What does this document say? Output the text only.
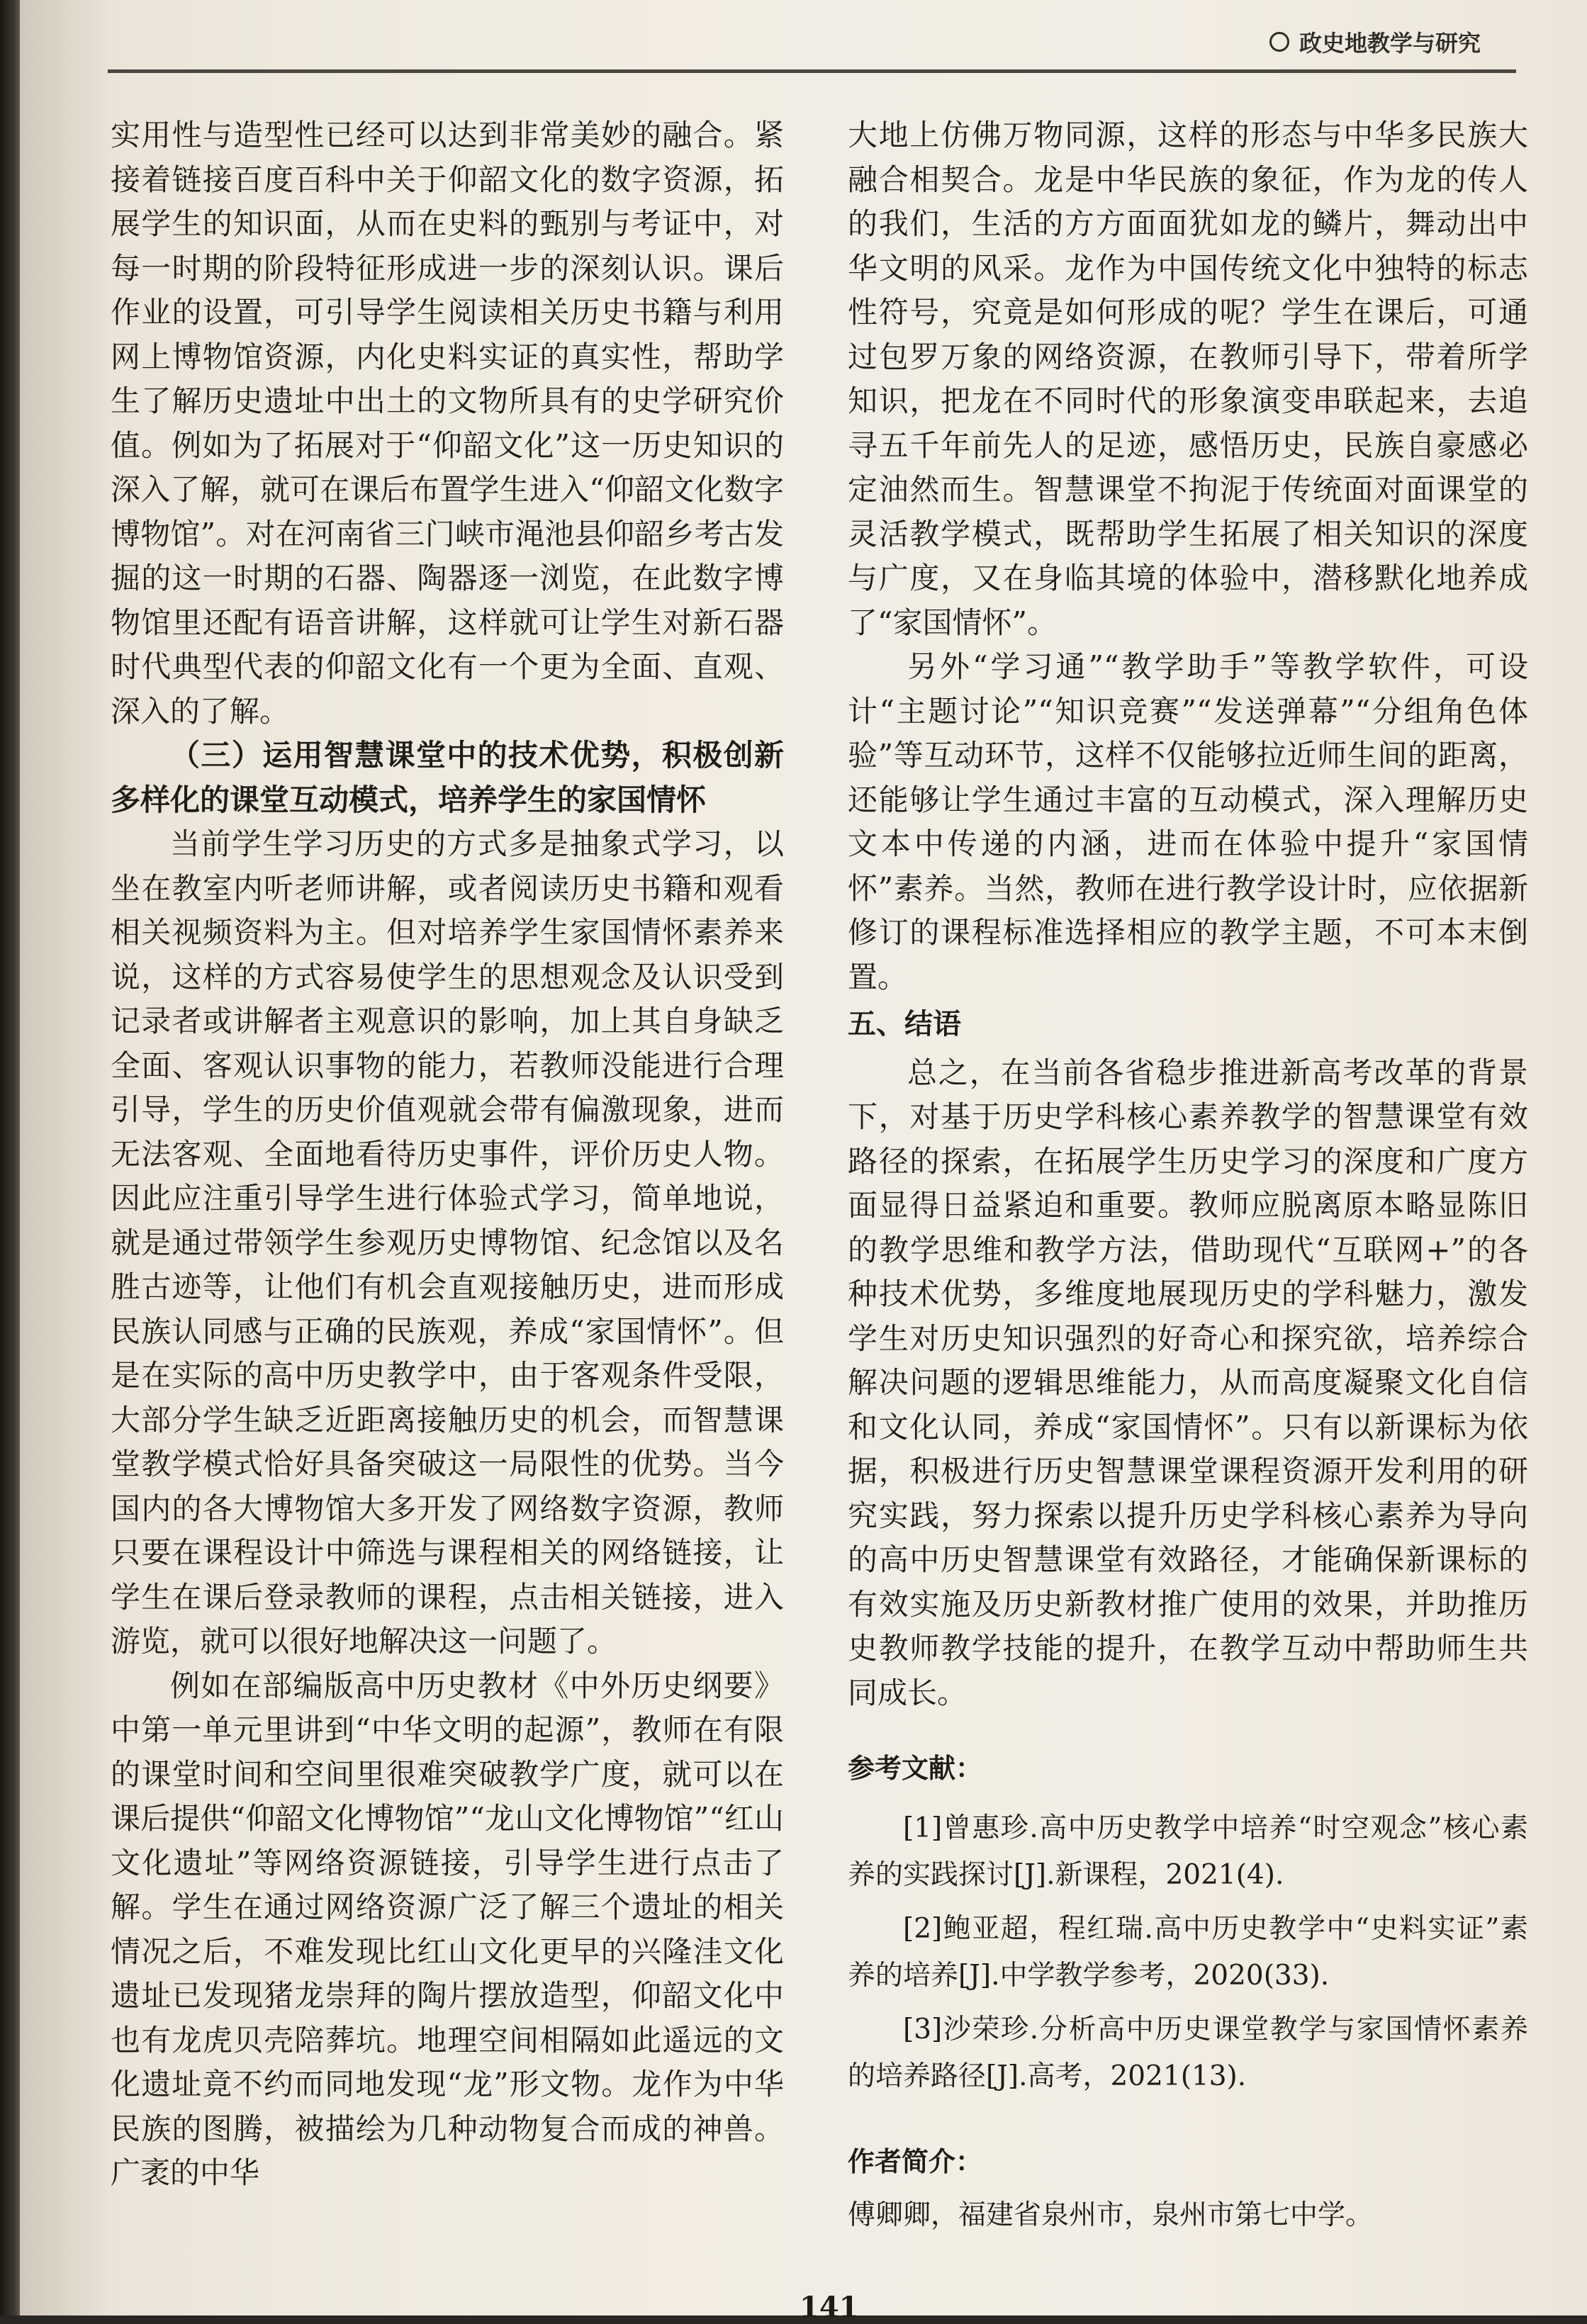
政史地教学与研究

实用性与造型性已经可以达到非常美妙的融合。紧接着链接百度百科中关于仰韶文化的数字资源，拓展学生的知识面，从而在史料的甄别与考证中，对每一时期的阶段特征形成进一步的深刻认识。课后作业的设置，可引导学生阅读相关历史书籍与利用网上博物馆资源，内化史料实证的真实性，帮助学生了解历史遗址中出土的文物所具有的史学研究价值。例如为了拓展对于“仰韶文化”这一历史知识的深入了解，就可在课后布置学生进入“仰韶文化数字博物馆”。对在河南省三门峡市渑池县仰韶乡考古发掘的这一时期的石器、陶器逐一浏览，在此数字博物馆里还配有语音讲解，这样就可让学生对新石器时代典型代表的仰韶文化有一个更为全面、直观、深入的了解。

（三）运用智慧课堂中的技术优势，积极创新多样化的课堂互动模式，培养学生的家国情怀

当前学生学习历史的方式多是抽象式学习，以坐在教室内听老师讲解，或者阅读历史书籍和观看相关视频资料为主。但对培养学生家国情怀素养来说，这样的方式容易使学生的思想观念及认识受到记录者或讲解者主观意识的影响，加上其自身缺乏全面、客观认识事物的能力，若教师没能进行合理引导，学生的历史价值观就会带有偏激现象，进而无法客观、全面地看待历史事件，评价历史人物。因此应注重引导学生进行体验式学习，简单地说，就是通过带领学生参观历史博物馆、纪念馆以及名胜古迹等，让他们有机会直观接触历史，进而形成民族认同感与正确的民族观，养成“家国情怀”。但是在实际的高中历史教学中，由于客观条件受限，大部分学生缺乏近距离接触历史的机会，而智慧课堂教学模式恰好具备突破这一局限性的优势。当今国内的各大博物馆大多开发了网络数字资源，教师只要在课程设计中筛选与课程相关的网络链接，让学生在课后登录教师的课程，点击相关链接，进入游览，就可以很好地解决这一问题了。

例如在部编版高中历史教材《中外历史纲要》中第一单元里讲到“中华文明的起源”，教师在有限的课堂时间和空间里很难突破教学广度，就可以在课后提供“仰韶文化博物馆”“龙山文化博物馆”“红山文化遗址”等网络资源链接，引导学生进行点击了解。学生在通过网络资源广泛了解三个遗址的相关情况之后，不难发现比红山文化更早的兴隆洼文化遗址已发现猪龙崇拜的陶片摆放造型，仰韶文化中也有龙虎贝壳陪葬坑。地理空间相隔如此遥远的文化遗址竟不约而同地发现“龙”形文物。龙作为中华民族的图腾，被描绘为几种动物复合而成的神兽。广袤的中华

大地上仿佛万物同源，这样的形态与中华多民族大融合相契合。龙是中华民族的象征，作为龙的传人的我们，生活的方方面面犹如龙的鳞片，舞动出中华文明的风采。龙作为中国传统文化中独特的标志性符号，究竟是如何形成的呢？学生在课后，可通过包罗万象的网络资源，在教师引导下，带着所学知识，把龙在不同时代的形象演变串联起来，去追寻五千年前先人的足迹，感悟历史，民族自豪感必定油然而生。智慧课堂不拘泥于传统面对面课堂的灵活教学模式，既帮助学生拓展了相关知识的深度与广度，又在身临其境的体验中，潜移默化地养成了“家国情怀”。

另外“学习通”“教学助手”等教学软件，可设计“主题讨论”“知识竞赛”“发送弹幕”“分组角色体验”等互动环节，这样不仅能够拉近师生间的距离，还能够让学生通过丰富的互动模式，深入理解历史文本中传递的内涵，进而在体验中提升“家国情怀”素养。当然，教师在进行教学设计时，应依据新修订的课程标准选择相应的教学主题，不可本末倒置。

五、结语

总之，在当前各省稳步推进新高考改革的背景下，对基于历史学科核心素养教学的智慧课堂有效路径的探索，在拓展学生历史学习的深度和广度方面显得日益紧迫和重要。教师应脱离原本略显陈旧的教学思维和教学方法，借助现代“互联网+”的各种技术优势，多维度地展现历史的学科魅力，激发学生对历史知识强烈的好奇心和探究欲，培养综合解决问题的逻辑思维能力，从而高度凝聚文化自信和文化认同，养成“家国情怀”。只有以新课标为依据，积极进行历史智慧课堂课程资源开发利用的研究实践，努力探索以提升历史学科核心素养为导向的高中历史智慧课堂有效路径，才能确保新课标的有效实施及历史新教材推广使用的效果，并助推历史教师教学技能的提升，在教学互动中帮助师生共同成长。

参考文献：

[1]曾惠珍.高中历史教学中培养“时空观念”核心素养的实践探讨[J].新课程，2021(4).

[2]鲍亚超，程红瑞.高中历史教学中“史料实证”素养的培养[J].中学教学参考，2020(33).

[3]沙荣珍.分析高中历史课堂教学与家国情怀素养的培养路径[J].高考，2021(13).

作者简介：

傅卿卿，福建省泉州市，泉州市第七中学。

141
